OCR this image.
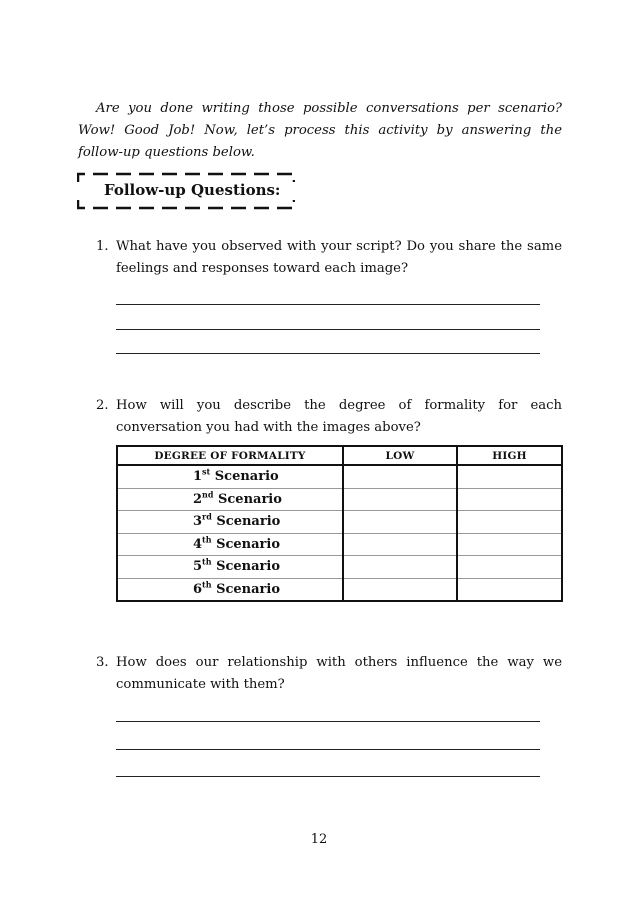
Are you done writing those possible conversations per scenario? Wow! Good Job! Now, let’s process this activity by answering the follow-up questions below.

Follow-up Questions:
1. What have you observed with your script? Do you share the same feelings and responses toward each image?
2. How will you describe the degree of formality for each conversation you had with the images above?
DEGREE OF FORMALITY	LOW	HIGH
1st Scenario		
2nd Scenario		
3rd Scenario		
4th Scenario		
5th Scenario		
6th Scenario		
3. How does our relationship with others influence the way we communicate with them?
12
